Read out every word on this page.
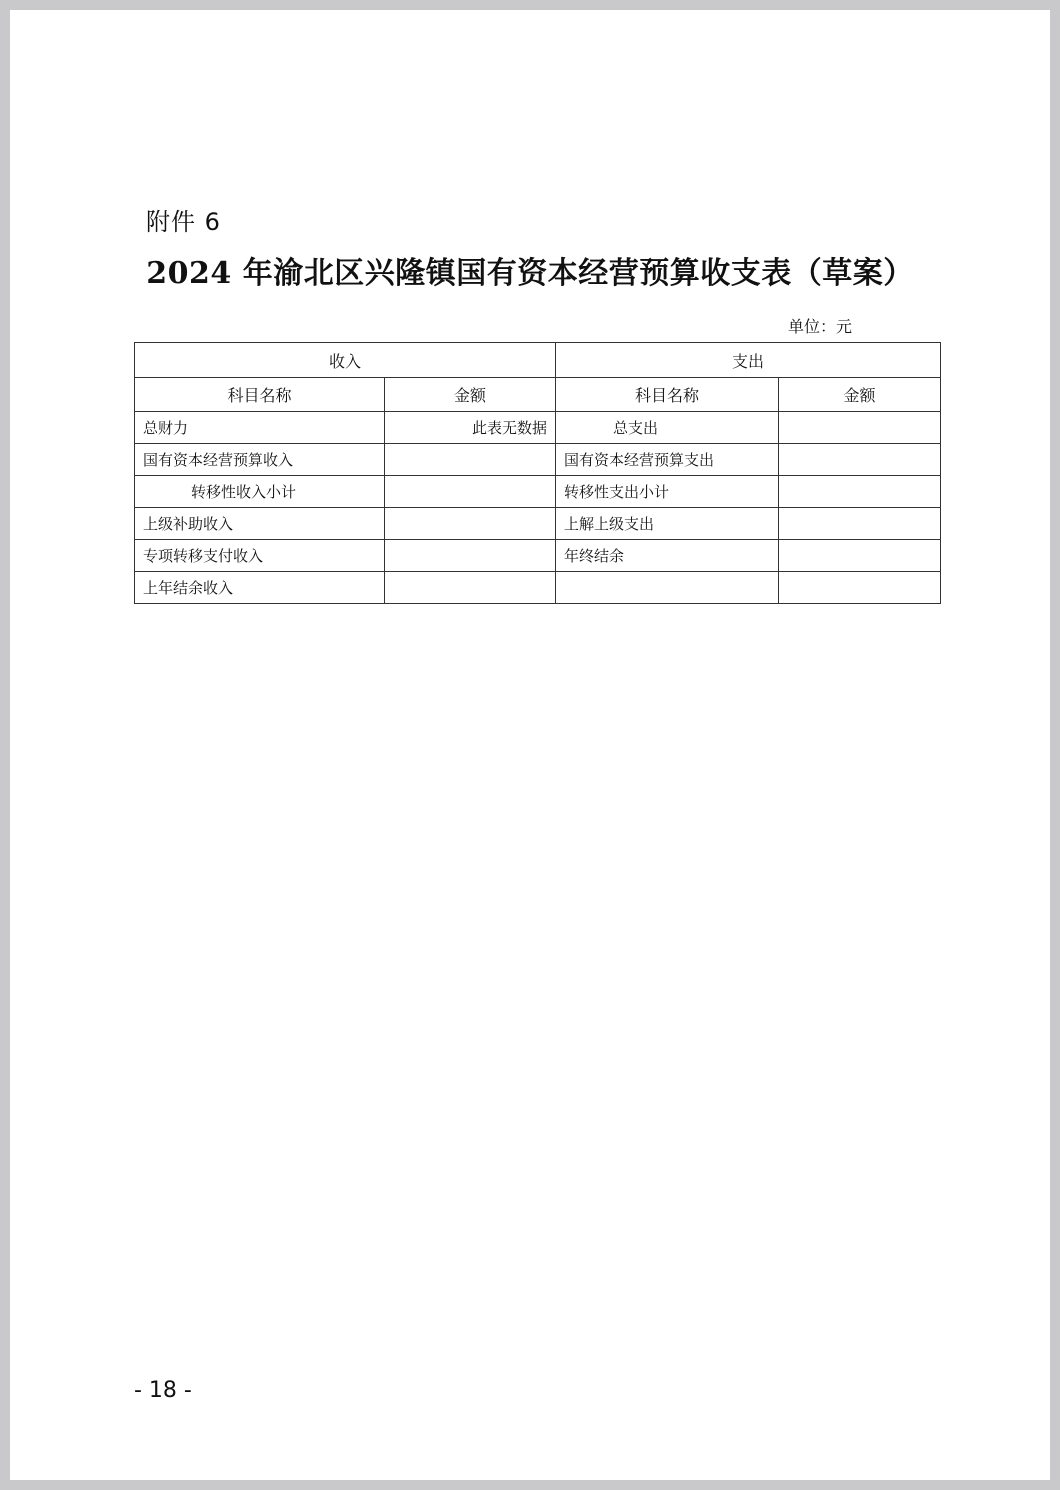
附件 6
2024 年渝北区兴隆镇国有资本经营预算收支表（草案）
单位：元
收入		支出	
科目名称	金额	科目名称	金额
总财力	此表无数据	总支出	
国有资本经营预算收入		国有资本经营预算支出	
转移性收入小计		转移性支出小计	
上级补助收入		上解上级支出	
专项转移支付收入		年终结余	
上年结余收入			
- 18 -
